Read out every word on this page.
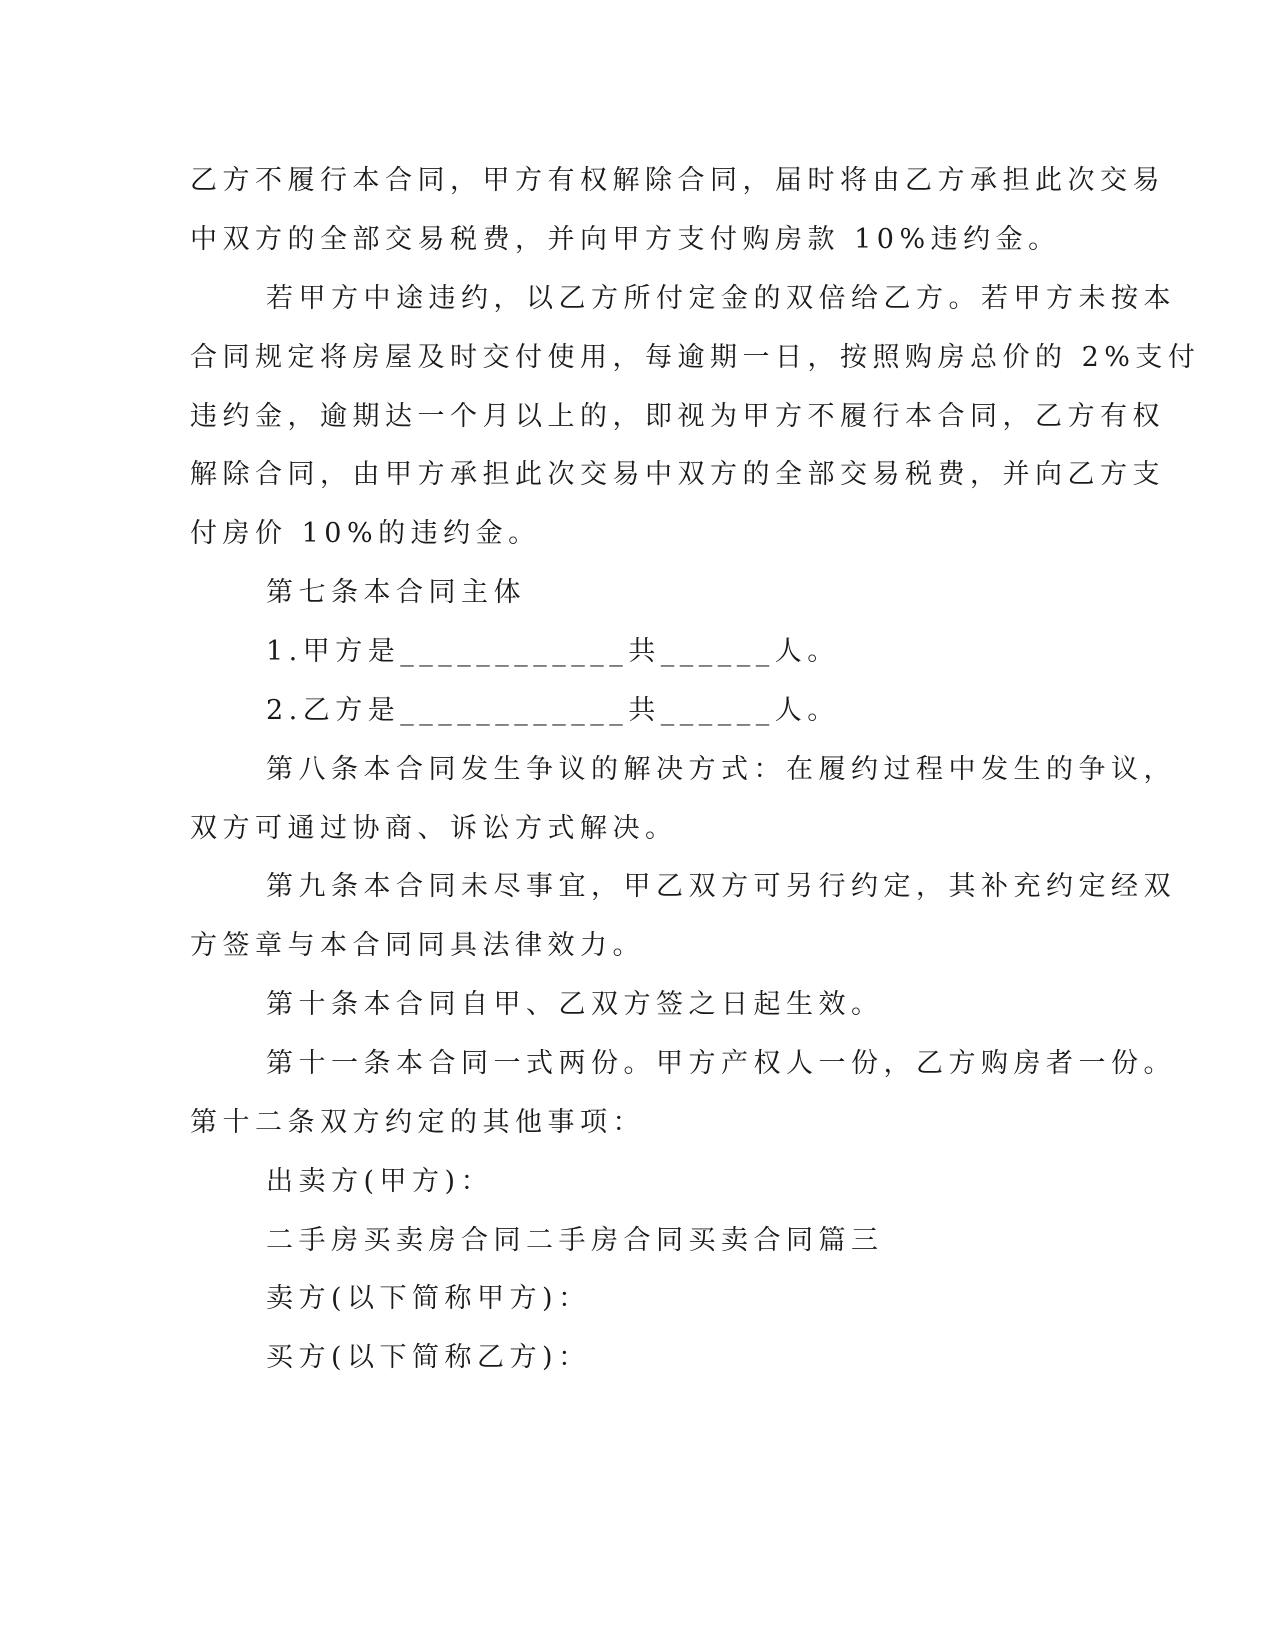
乙方不履行本合同，甲方有权解除合同，届时将由乙方承担此次交易
中双方的全部交易税费，并向甲方支付购房款 10%违约金。
若甲方中途违约，以乙方所付定金的双倍给乙方。若甲方未按本
合同规定将房屋及时交付使用，每逾期一日，按照购房总价的 2%支付
违约金，逾期达一个月以上的，即视为甲方不履行本合同，乙方有权
解除合同，由甲方承担此次交易中双方的全部交易税费，并向乙方支
付房价 10%的违约金。
第七条本合同主体
1.甲方是____________共______人。
2.乙方是____________共______人。
第八条本合同发生争议的解决方式：在履约过程中发生的争议，
双方可通过协商、诉讼方式解决。
第九条本合同未尽事宜，甲乙双方可另行约定，其补充约定经双
方签章与本合同同具法律效力。
第十条本合同自甲、乙双方签之日起生效。
第十一条本合同一式两份。甲方产权人一份，乙方购房者一份。
第十二条双方约定的其他事项：
出卖方(甲方)：
二手房买卖房合同二手房合同买卖合同篇三
卖方(以下简称甲方)：
买方(以下简称乙方)：
